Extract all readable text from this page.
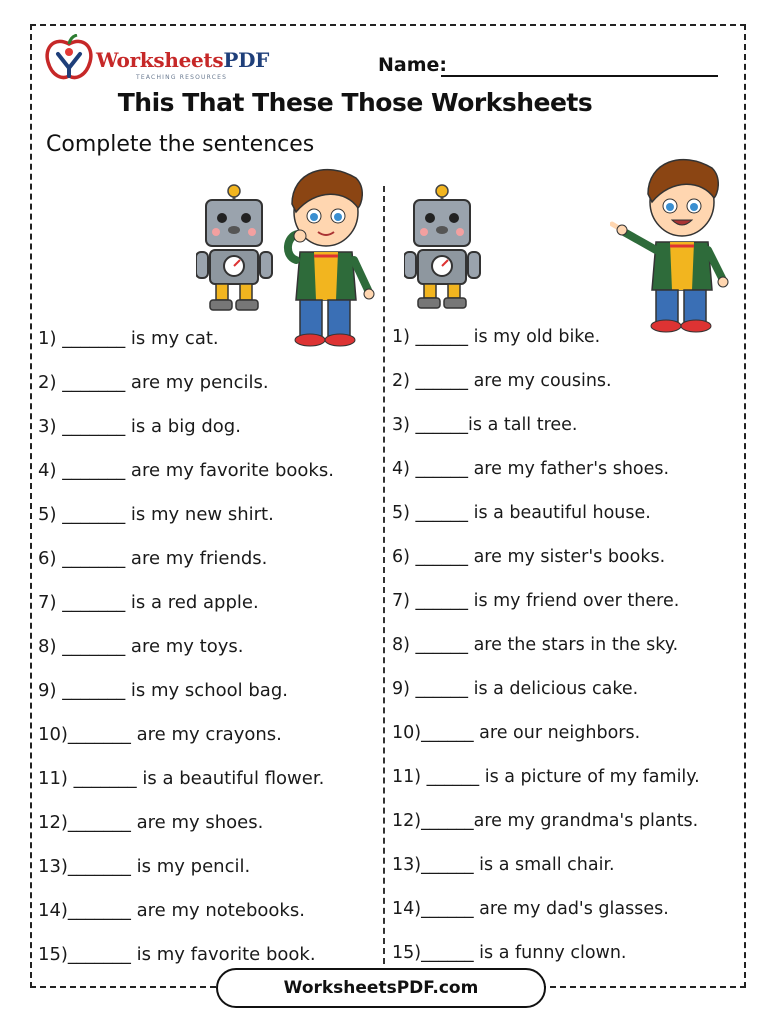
WorksheetsPDF
TEACHING RESOURCES
Name:
This That These Those Worksheets
Complete the sentences
1) _______ is my cat.
2) _______ are my pencils.
3) _______ is a big dog.
4) _______ are my favorite books.
5) _______ is my new shirt.
6) _______ are my friends.
7) _______ is a red apple.
8) _______ are my toys.
9) _______ is my school bag.
10)_______ are my crayons.
11) _______ is a beautiful flower.
12)_______ are my shoes.
13)_______ is my pencil.
14)_______ are my notebooks.
15)_______ is my favorite book.
1) ______ is my old bike.
2) ______ are my cousins.
3) ______is a tall tree.
4) ______ are my father's shoes.
5) ______ is a beautiful house.
6) ______ are my sister's books.
7) ______ is my friend over there.
8) ______ are the stars in the sky.
9) ______ is a delicious cake.
10)______ are our neighbors.
11) ______ is a picture of my family.
12)______are my grandma's plants.
13)______ is a small chair.
14)______ are my dad's glasses.
15)______ is a funny clown.
WorksheetsPDF.com
